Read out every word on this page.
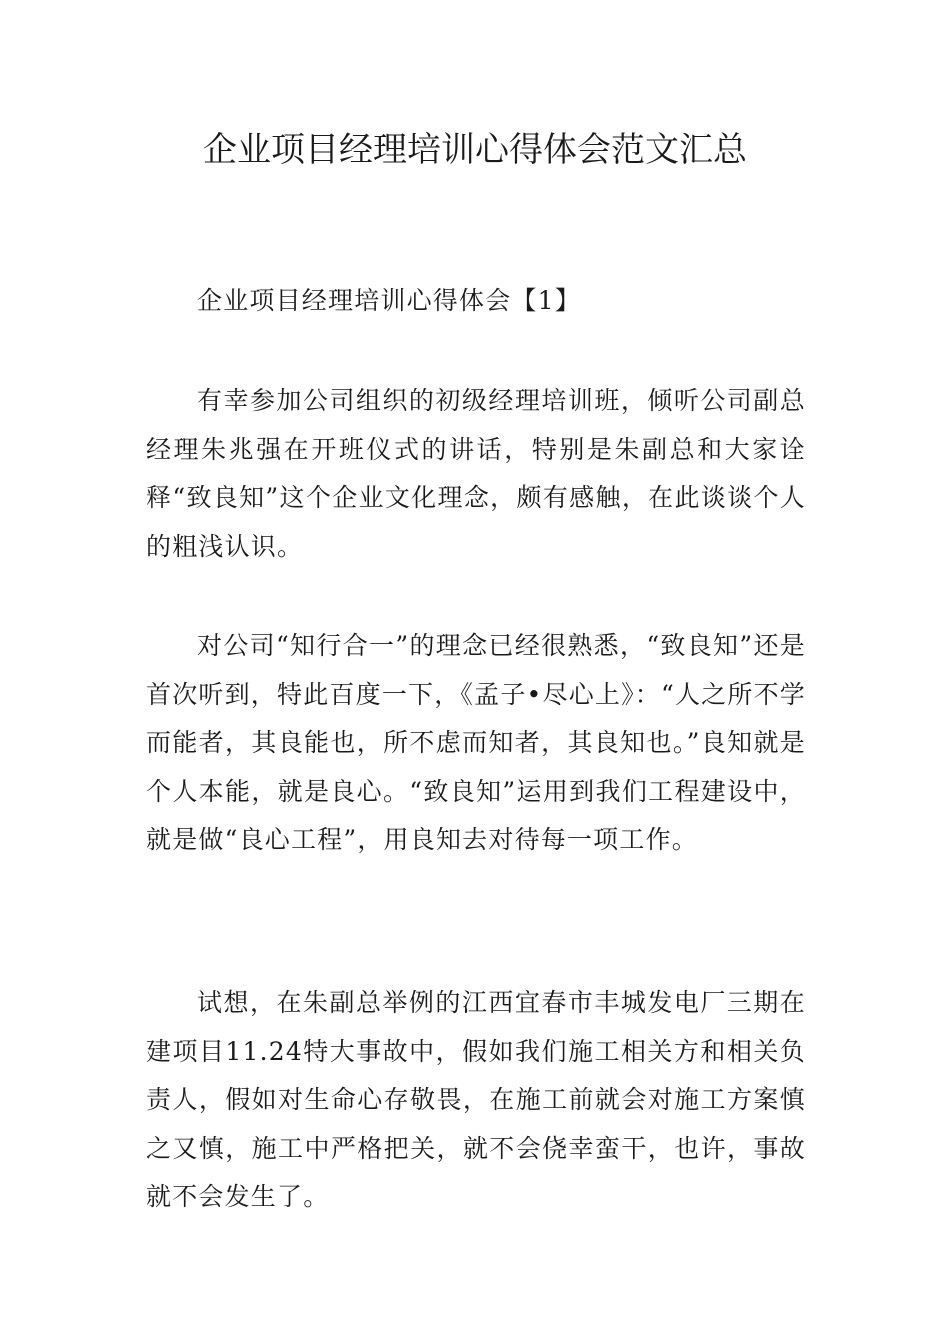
企业项目经理培训心得体会范文汇总

企业项目经理培训心得体会【1】

有幸参加公司组织的初级经理培训班，倾听公司副总经理朱兆强在开班仪式的讲话，特别是朱副总和大家诠释“致良知”这个企业文化理念，颇有感触，在此谈谈个人的粗浅认识。

对公司“知行合一”的理念已经很熟悉，“致良知”还是首次听到，特此百度一下，《孟子•尽心上》：“人之所不学而能者，其良能也，所不虑而知者，其良知也。”良知就是个人本能，就是良心。“致良知”运用到我们工程建设中，就是做“良心工程”，用良知去对待每一项工作。

试想，在朱副总举例的江西宜春市丰城发电厂三期在建项目11.24特大事故中，假如我们施工相关方和相关负责人，假如对生命心存敬畏，在施工前就会对施工方案慎之又慎，施工中严格把关，就不会侥幸蛮干，也许，事故就不会发生了。
